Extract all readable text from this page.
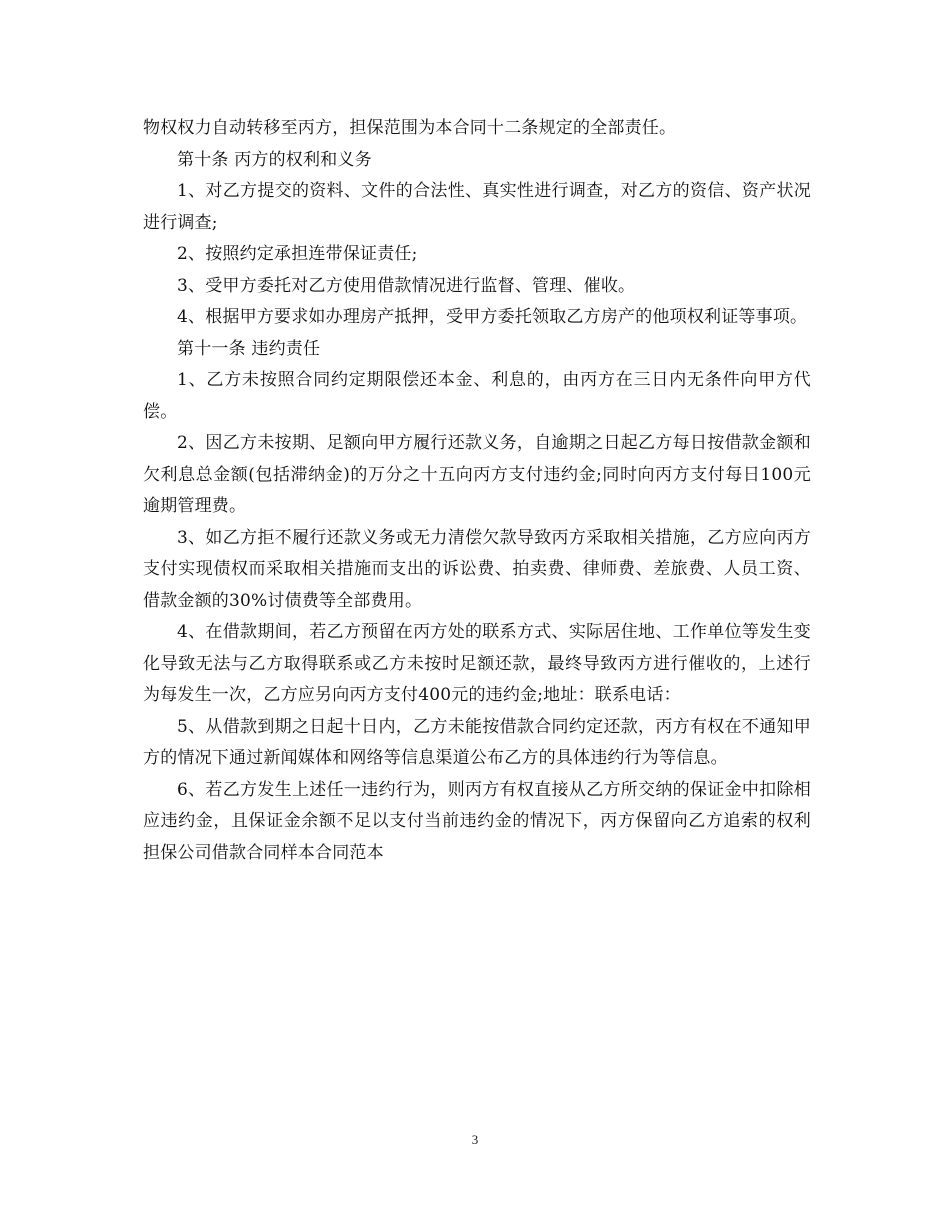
物权权力自动转移至丙方，担保范围为本合同十二条规定的全部责任。

第十条 丙方的权利和义务

1、对乙方提交的资料、文件的合法性、真实性进行调查，对乙方的资信、资产状况进行调查;

2、按照约定承担连带保证责任;

3、受甲方委托对乙方使用借款情况进行监督、管理、催收。

4、根据甲方要求如办理房产抵押，受甲方委托领取乙方房产的他项权利证等事项。

第十一条 违约责任

1、乙方未按照合同约定期限偿还本金、利息的，由丙方在三日内无条件向甲方代偿。

2、因乙方未按期、足额向甲方履行还款义务，自逾期之日起乙方每日按借款金额和欠利息总金额(包括滞纳金)的万分之十五向丙方支付违约金;同时向丙方支付每日100元逾期管理费。

3、如乙方拒不履行还款义务或无力清偿欠款导致丙方采取相关措施，乙方应向丙方支付实现债权而采取相关措施而支出的诉讼费、拍卖费、律师费、差旅费、人员工资、借款金额的30%讨债费等全部费用。

4、在借款期间，若乙方预留在丙方处的联系方式、实际居住地、工作单位等发生变化导致无法与乙方取得联系或乙方未按时足额还款，最终导致丙方进行催收的，上述行为每发生一次，乙方应另向丙方支付400元的违约金;地址：联系电话：

5、从借款到期之日起十日内，乙方未能按借款合同约定还款，丙方有权在不通知甲方的情况下通过新闻媒体和网络等信息渠道公布乙方的具体违约行为等信息。

6、若乙方发生上述任一违约行为，则丙方有权直接从乙方所交纳的保证金中扣除相应违约金，且保证金余额不足以支付当前违约金的情况下，丙方保留向乙方追索的权利担保公司借款合同样本合同范本

3
